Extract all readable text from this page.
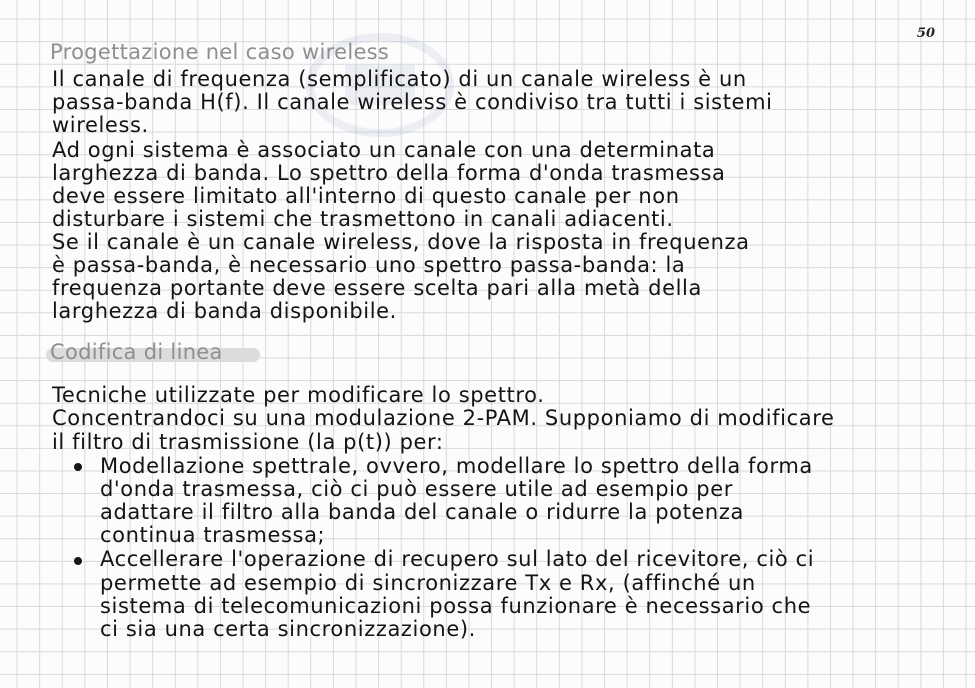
50
Progettazione nel caso wireless
Il canale di frequenza (semplificato) di un canale wireless è un
passa-banda H(f). Il canale wireless è condiviso tra tutti i sistemi
wireless.
Ad ogni sistema è associato un canale con una determinata
larghezza di banda. Lo spettro della forma d'onda trasmessa
deve essere limitato all'interno di questo canale per non
disturbare i sistemi che trasmettono in canali adiacenti.
Se il canale è un canale wireless, dove la risposta in frequenza
è passa-banda, è necessario uno spettro passa-banda: la
frequenza portante deve essere scelta pari alla metà della
larghezza di banda disponibile.
Codifica di linea
Tecniche utilizzate per modificare lo spettro.
Concentrandoci su una modulazione 2-PAM. Supponiamo di modificare
il filtro di trasmissione (la p(t)) per:
Modellazione spettrale, ovvero, modellare lo spettro della forma
d'onda trasmessa, ciò ci può essere utile ad esempio per
adattare il filtro alla banda del canale o ridurre la potenza
continua trasmessa;
Accellerare l'operazione di recupero sul lato del ricevitore, ciò ci
permette ad esempio di sincronizzare Tx e Rx, (affinché un
sistema di telecomunicazioni possa funzionare è necessario che
ci sia una certa sincronizzazione).
